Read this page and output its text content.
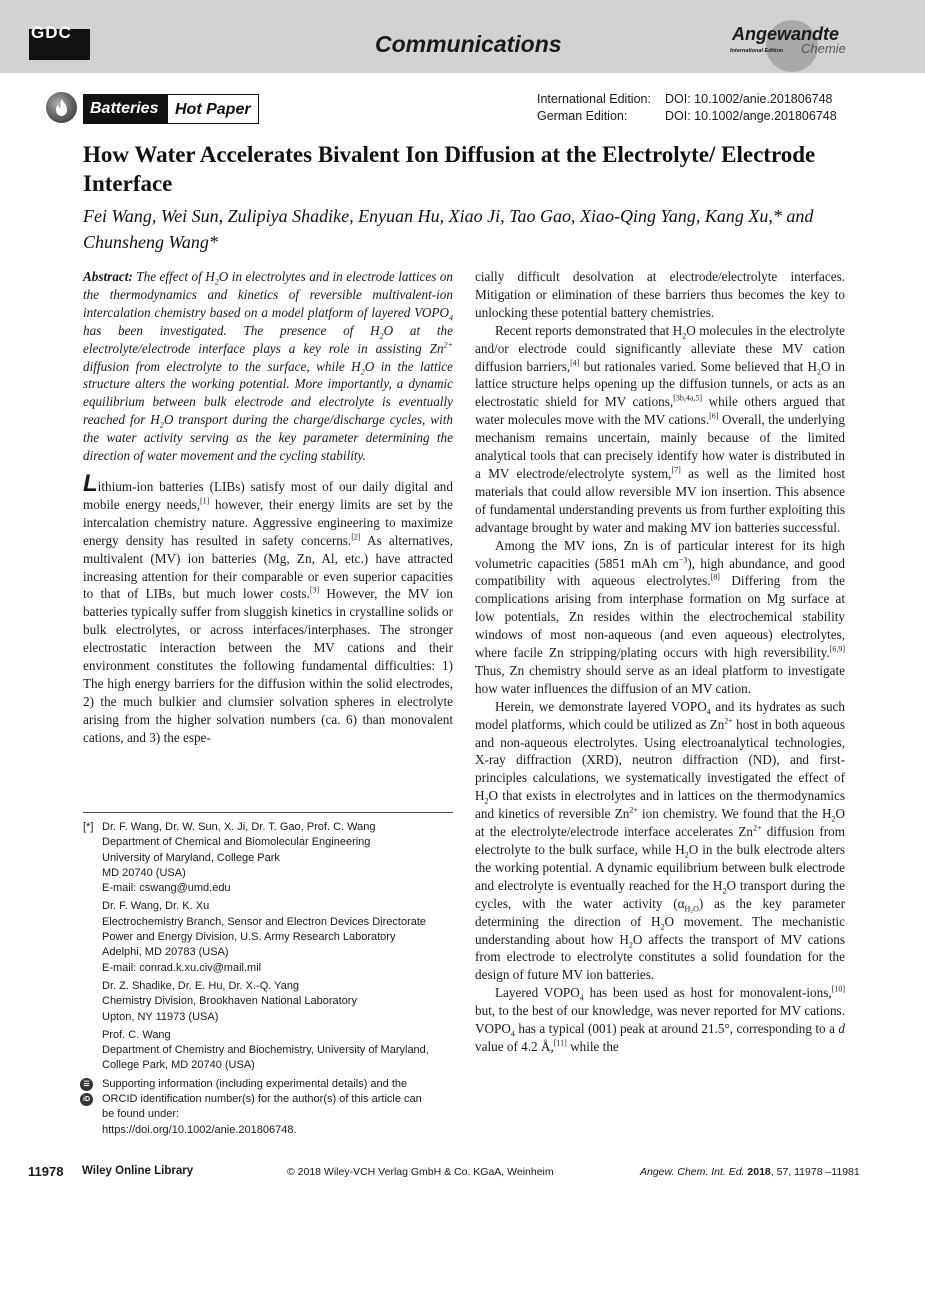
GDC	Communications	Angewandte
International Edition Chemie
Batteries	Hot Paper
International Edition:	DOI: 10.1002/anie.201806748
German Edition:	DOI: 10.1002/ange.201806748
How Water Accelerates Bivalent Ion Diffusion at the Electrolyte/ Electrode Interface
Fei Wang, Wei Sun, Zulipiya Shadike, Enyuan Hu, Xiao Ji, Tao Gao, Xiao-Qing Yang, Kang Xu,* and Chunsheng Wang*

Abstract: The effect of $H_2O$ in electrolytes and in electrode lattices on the thermodynamics and kinetics of reversible multivalent-ion intercalation chemistry based on a model platform of layered $VOPO_4$ has been investigated. The presence of $H_2O$ at the electrolyte/electrode interface plays a key role in assisting $Zn^{2+}$ diffusion from electrolyte to the surface, while $H_2O$ in the lattice structure alters the working potential. More importantly, a dynamic equilibrium between bulk electrode and electrolyte is eventually reached for $H_2O$ transport during the charge/discharge cycles, with the water activity serving as the key parameter determining the direction of water movement and the cycling stability.

Lithium-ion batteries (LIBs) satisfy most of our daily digital and mobile energy needs,[1] however, their energy limits are set by the intercalation chemistry nature. Aggressive engineering to maximize energy density has resulted in safety concerns.[2] As alternatives, multivalent (MV) ion batteries (Mg, Zn, Al, etc.) have attracted increasing attention for their comparable or even superior capacities to that of LIBs, but much lower costs.[3] However, the MV ion batteries typically suffer from sluggish kinetics in crystalline solids or bulk electrolytes, or across interfaces/interphases. The stronger electrostatic interaction between the MV cations and their environment constitutes the following fundamental difficulties: 1) The high energy barriers for the diffusion within the solid electrodes, 2) the much bulkier and clumsier solvation spheres in electrolyte arising from the higher solvation numbers (ca. 6) than monovalent cations, and 3) the espe-

[*] Dr. F. Wang, Dr. W. Sun, X. Ji, Dr. T. Gao, Prof. C. Wang
Department of Chemical and Biomolecular Engineering
University of Maryland, College Park
MD 20740 (USA)
E-mail: cswang@umd.edu
Dr. F. Wang, Dr. K. Xu
Electrochemistry Branch, Sensor and Electron Devices Directorate
Power and Energy Division, U.S. Army Research Laboratory
Adelphi, MD 20783 (USA)
E-mail: conrad.k.xu.civ@mail.mil
Dr. Z. Shadike, Dr. E. Hu, Dr. X.-Q. Yang
Chemistry Division, Brookhaven National Laboratory
Upton, NY 11973 (USA)
Prof. C. Wang
Department of Chemistry and Biochemistry, University of Maryland,
College Park, MD 20740 (USA)
☰
iD
Supporting information (including experimental details) and the
ORCID identification number(s) for the author(s) of this article can
be found under:
https://doi.org/10.1002/anie.201806748.

cially difficult desolvation at electrode/electrolyte interfaces. Mitigation or elimination of these barriers thus becomes the key to unlocking these potential battery chemistries.

Recent reports demonstrated that $H_2O$ molecules in the electrolyte and/or electrode could significantly alleviate these MV cation diffusion barriers,[4] but rationales varied. Some believed that $H_2O$ in lattice structure helps opening up the diffusion tunnels, or acts as an electrostatic shield for MV cations,[3b,4a,5] while others argued that water molecules move with the MV cations.[6] Overall, the underlying mechanism remains uncertain, mainly because of the limited analytical tools that can precisely identify how water is distributed in a MV electrode/electrolyte system,[7] as well as the limited host materials that could allow reversible MV ion insertion. This absence of fundamental understanding prevents us from further exploiting this advantage brought by water and making MV ion batteries successful.

Among the MV ions, Zn is of particular interest for its high volumetric capacities (5851 mAh $cm^{-3}$), high abundance, and good compatibility with aqueous electrolytes.[8] Differing from the complications arising from interphase formation on Mg surface at low potentials, Zn resides within the electrochemical stability windows of most non-aqueous (and even aqueous) electrolytes, where facile Zn stripping/plating occurs with high reversibility.[6,9] Thus, Zn chemistry should serve as an ideal platform to investigate how water influences the diffusion of an MV cation.

Herein, we demonstrate layered $VOPO_4$ and its hydrates as such model platforms, which could be utilized as $Zn^{2+}$ host in both aqueous and non-aqueous electrolytes. Using electroanalytical technologies, X-ray diffraction (XRD), neutron diffraction (ND), and first-principles calculations, we systematically investigated the effect of $H_2O$ that exists in electrolytes and in lattices on the thermodynamics and kinetics of reversible $Zn^{2+}$ ion chemistry. We found that the $H_2O$ at the electrolyte/electrode interface accelerates $Zn^{2+}$ diffusion from electrolyte to the bulk surface, while $H_2O$ in the bulk electrode alters the working potential. A dynamic equilibrium between bulk electrode and electrolyte is eventually reached for the $H_2O$ transport during the cycles, with the water activity $(\alpha_{H_2O})$ as the key parameter determining the direction of $H_2O$ movement. The mechanistic understanding about how $H_2O$ affects the transport of MV cations from electrode to electrolyte constitutes a solid foundation for the design of future MV ion batteries.

Layered $VOPO_4$ has been used as host for monovalent-ions,[10] but, to the best of our knowledge, was never reported for MV cations. $VOPO_4$ has a typical (001) peak at around 21.5°, corresponding to a d value of 4.2 Å,[11] while the

11978 Wiley Online Library	© 2018 Wiley-VCH Verlag GmbH & Co. KGaA, Weinheim	Angew. Chem. Int. Ed. 2018, 57, 11978 –11981
